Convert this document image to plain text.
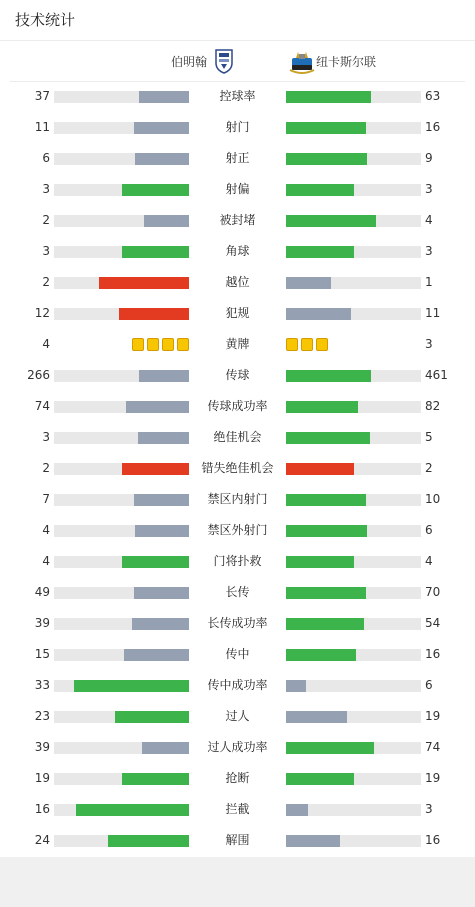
技术统计
伯明翰	纽卡斯尔联
37	控球率	63
11	射门	16
6	射正	9
3	射偏	3
2	被封堵	4
3	角球	3
2	越位	1
12	犯规	11
4	黄牌	3
266	传球	461
74	传球成功率	82
3	绝佳机会	5
2	错失绝佳机会	2
7	禁区内射门	10
4	禁区外射门	6
4	门将扑救	4
49	长传	70
39	长传成功率	54
15	传中	16
33	传中成功率	6
23	过人	19
39	过人成功率	74
19	抢断	19
16	拦截	3
24	解围	16
